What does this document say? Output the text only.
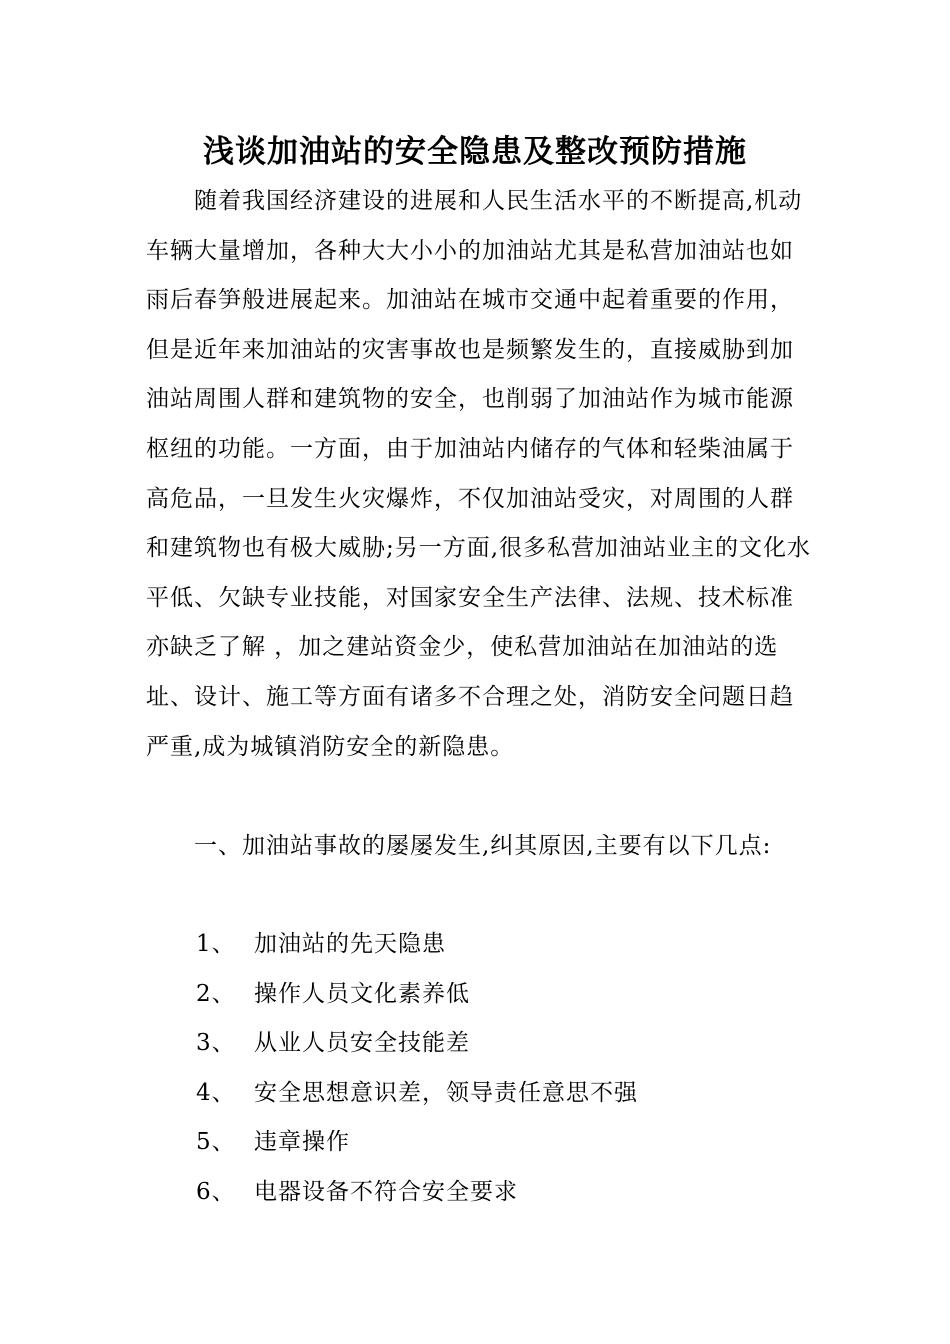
浅谈加油站的安全隐患及整改预防措施

随着我国经济建设的进展和人民生活水平的不断提高,机动车辆大量增加，各种大大小小的加油站尤其是私营加油站也如雨后春笋般进展起来。加油站在城市交通中起着重要的作用，但是近年来加油站的灾害事故也是频繁发生的，直接威胁到加油站周围人群和建筑物的安全，也削弱了加油站作为城市能源枢纽的功能。一方面，由于加油站内储存的气体和轻柴油属于高危品，一旦发生火灾爆炸，不仅加油站受灾，对周围的人群和建筑物也有极大威胁;另一方面,很多私营加油站业主的文化水平低、欠缺专业技能，对国家安全生产法律、法规、技术标准亦缺乏了解 ，加之建站资金少，使私营加油站在加油站的选址、设计、施工等方面有诸多不合理之处，消防安全问题日趋严重,成为城镇消防安全的新隐患。

一、加油站事故的屡屡发生,纠其原因,主要有以下几点:

1、 加油站的先天隐患
2、 操作人员文化素养低
3、 从业人员安全技能差
4、 安全思想意识差，领导责任意思不强
5、 违章操作
6、 电器设备不符合安全要求
